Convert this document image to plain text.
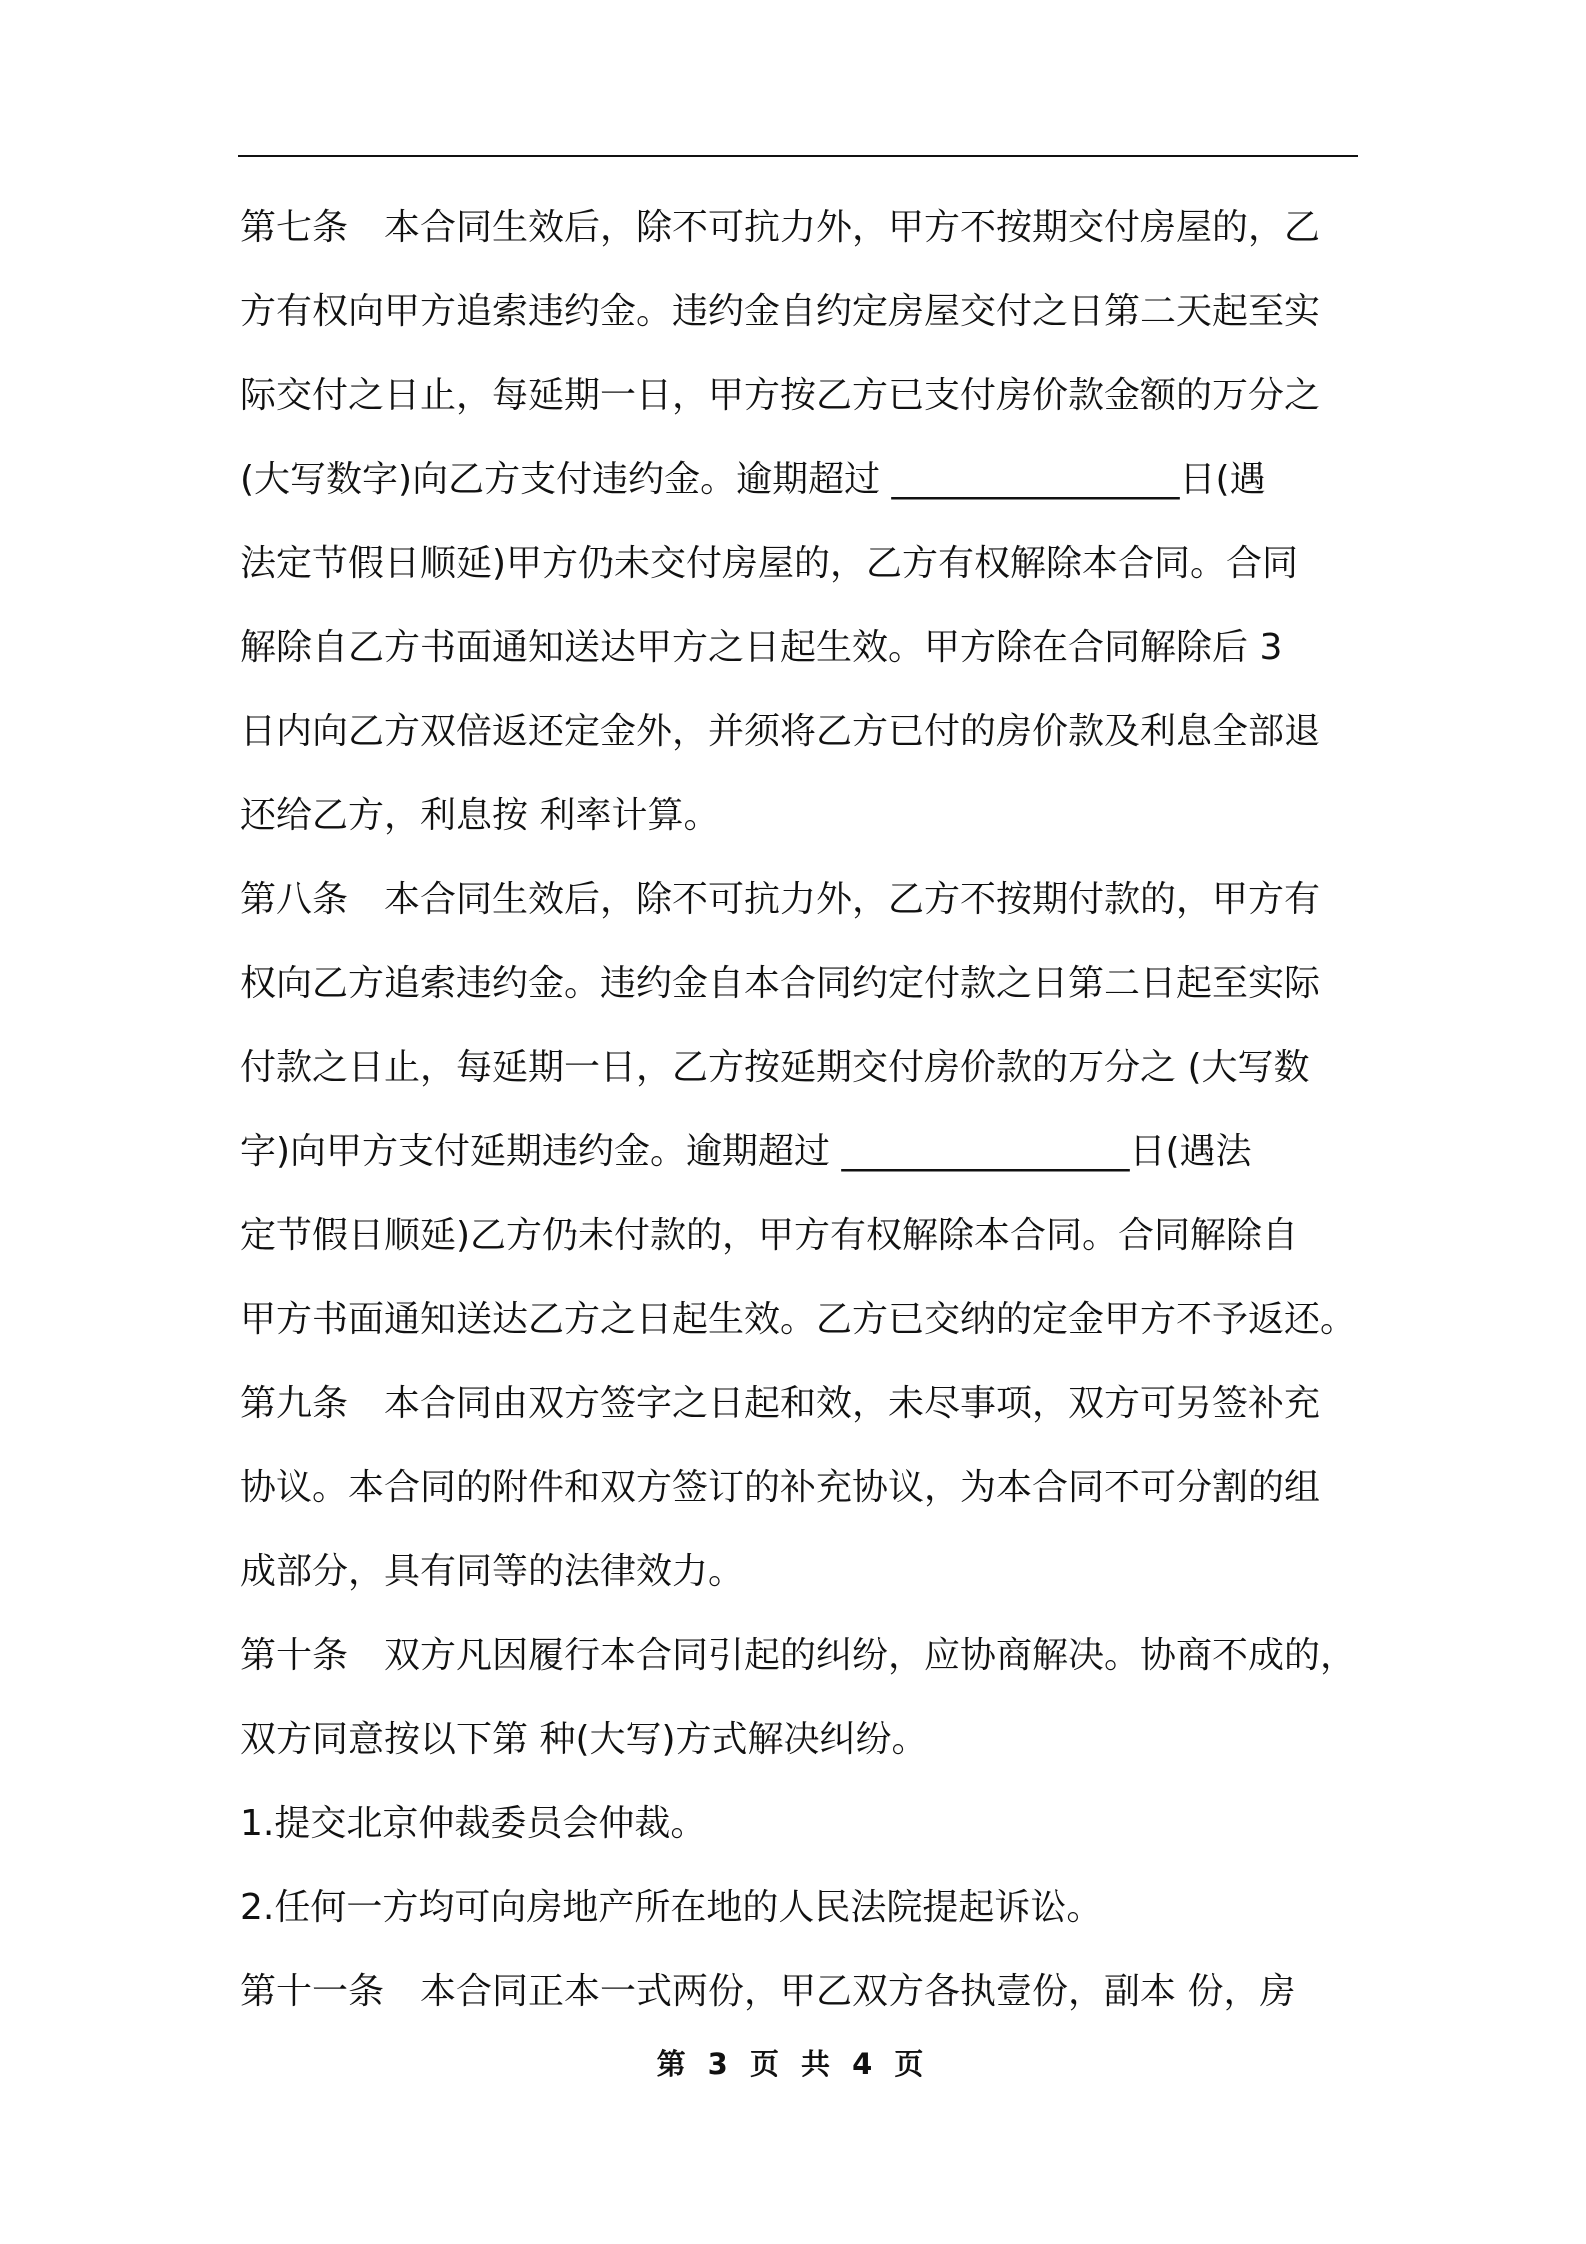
第七条　本合同生效后，除不可抗力外，甲方不按期交付房屋的，乙
方有权向甲方追索违约金。违约金自约定房屋交付之日第二天起至实
际交付之日止，每延期一日，甲方按乙方已支付房价款金额的万分之
(大写数字)向乙方支付违约金。逾期超过 ________________日(遇
法定节假日顺延)甲方仍未交付房屋的，乙方有权解除本合同。合同
解除自乙方书面通知送达甲方之日起生效。甲方除在合同解除后 3
日内向乙方双倍返还定金外，并须将乙方已付的房价款及利息全部退
还给乙方，利息按 利率计算。
第八条　本合同生效后，除不可抗力外，乙方不按期付款的，甲方有
权向乙方追索违约金。违约金自本合同约定付款之日第二日起至实际
付款之日止，每延期一日，乙方按延期交付房价款的万分之 (大写数
字)向甲方支付延期违约金。逾期超过 ________________日(遇法
定节假日顺延)乙方仍未付款的，甲方有权解除本合同。合同解除自
甲方书面通知送达乙方之日起生效。乙方已交纳的定金甲方不予返还。
第九条　本合同由双方签字之日起和效，未尽事项，双方可另签补充
协议。本合同的附件和双方签订的补充协议，为本合同不可分割的组
成部分，具有同等的法律效力。
第十条　双方凡因履行本合同引起的纠纷，应协商解决。协商不成的，
双方同意按以下第 种(大写)方式解决纠纷。
1.提交北京仲裁委员会仲裁。
2.任何一方均可向房地产所在地的人民法院提起诉讼。
第十一条　本合同正本一式两份，甲乙双方各执壹份，副本 份，房
第 3 页 共 4 页
